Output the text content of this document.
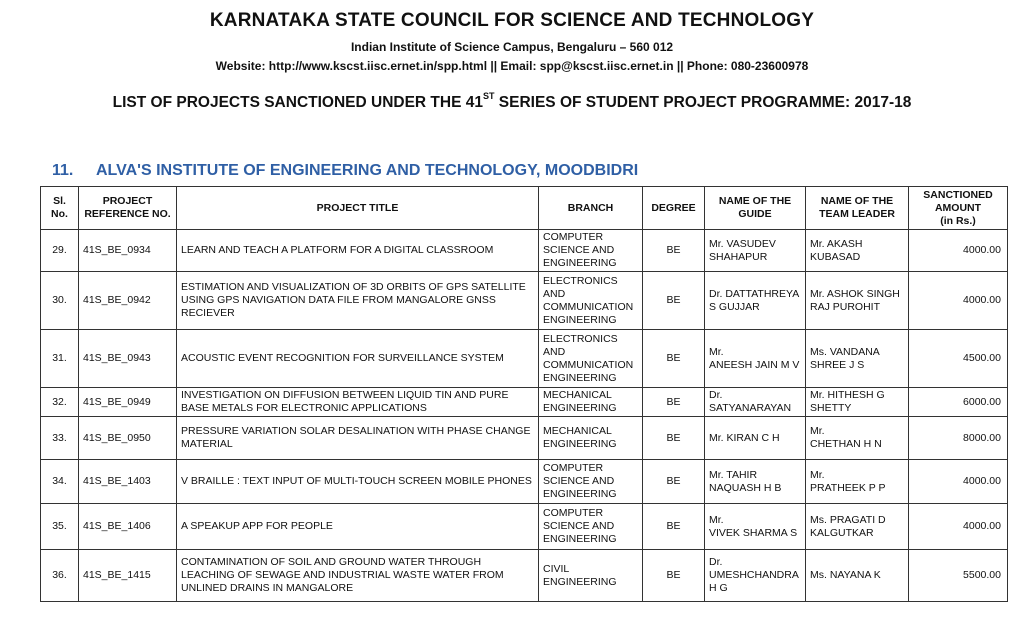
KARNATAKA STATE COUNCIL FOR SCIENCE AND TECHNOLOGY
Indian Institute of Science Campus, Bengaluru – 560 012
Website: http://www.kscst.iisc.ernet.in/spp.html || Email: spp@kscst.iisc.ernet.in || Phone: 080-23600978
LIST OF PROJECTS SANCTIONED UNDER THE 41ST SERIES OF STUDENT PROJECT PROGRAMME: 2017-18
11. ALVA'S INSTITUTE OF ENGINEERING AND TECHNOLOGY, MOODBIDRI
Sl.
No.	PROJECT
REFERENCE NO.	PROJECT TITLE	BRANCH	DEGREE	NAME OF THE
GUIDE	NAME OF THE
TEAM LEADER	SANCTIONED
AMOUNT
(in Rs.)
29.	41S_BE_0934	LEARN AND TEACH A PLATFORM FOR A DIGITAL CLASSROOM	COMPUTER
SCIENCE AND
ENGINEERING	BE	Mr. VASUDEV
SHAHAPUR	Mr. AKASH
KUBASAD	4000.00
30.	41S_BE_0942	ESTIMATION AND VISUALIZATION OF 3D ORBITS OF GPS SATELLITE
USING GPS NAVIGATION DATA FILE FROM MANGALORE GNSS
RECIEVER	ELECTRONICS
AND
COMMUNICATION
ENGINEERING	BE	Dr. DATTATHREYA
S GUJJAR	Mr. ASHOK SINGH
RAJ PUROHIT	4000.00
31.	41S_BE_0943	ACOUSTIC EVENT RECOGNITION FOR SURVEILLANCE SYSTEM	ELECTRONICS
AND
COMMUNICATION
ENGINEERING	BE	Mr.
ANEESH JAIN M V	Ms. VANDANA
SHREE J S	4500.00
32.	41S_BE_0949	INVESTIGATION ON DIFFUSION BETWEEN LIQUID TIN AND PURE
BASE METALS FOR ELECTRONIC APPLICATIONS	MECHANICAL
ENGINEERING	BE	Dr.
SATYANARAYAN	Mr. HITHESH G
SHETTY	6000.00
33.	41S_BE_0950	PRESSURE VARIATION SOLAR DESALINATION WITH PHASE CHANGE
MATERIAL	MECHANICAL
ENGINEERING	BE	Mr. KIRAN C H	Mr.
CHETHAN H N	8000.00
34.	41S_BE_1403	V BRAILLE : TEXT INPUT OF MULTI-TOUCH SCREEN MOBILE PHONES	COMPUTER
SCIENCE AND
ENGINEERING	BE	Mr. TAHIR
NAQUASH H B	Mr.
PRATHEEK P P	4000.00
35.	41S_BE_1406	A SPEAKUP APP FOR PEOPLE	COMPUTER
SCIENCE AND
ENGINEERING	BE	Mr.
VIVEK SHARMA S	Ms. PRAGATI D
KALGUTKAR	4000.00
36.	41S_BE_1415	CONTAMINATION OF SOIL AND GROUND WATER THROUGH
LEACHING OF SEWAGE AND INDUSTRIAL WASTE WATER FROM
UNLINED DRAINS IN MANGALORE	CIVIL
ENGINEERING	BE	Dr.
UMESHCHANDRA
H G	Ms. NAYANA K	5500.00
